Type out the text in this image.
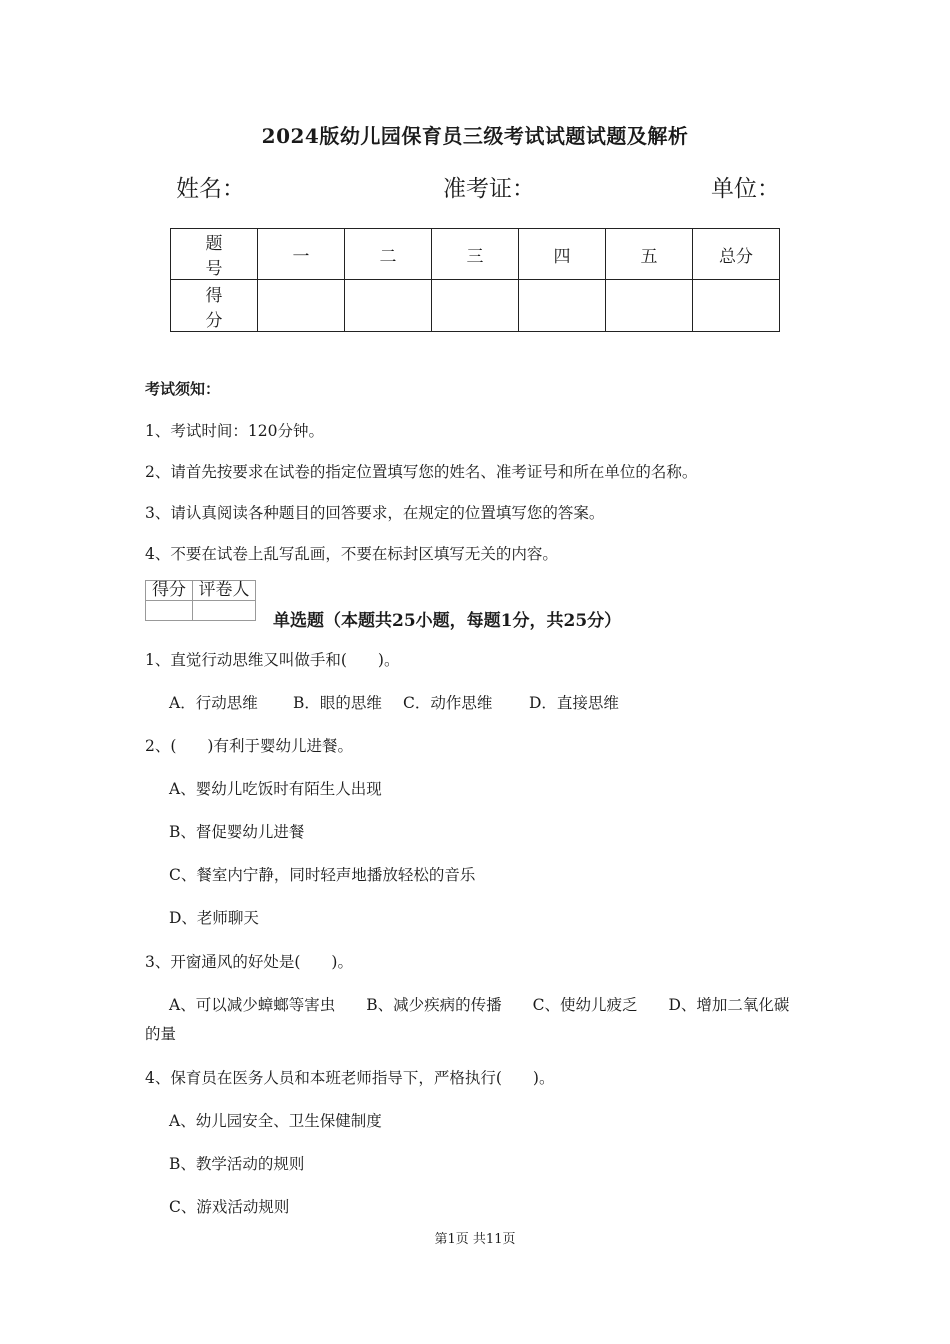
2024版幼儿园保育员三级考试试题试题及解析
姓名：	准考证：	单位：
题 号	一	二	三	四	五	总分
得 分						
考试须知：
1、考试时间：120分钟。
2、请首先按要求在试卷的指定位置填写您的姓名、准考证号和所在单位的名称。
3、请认真阅读各种题目的回答要求，在规定的位置填写您的答案。
4、不要在试卷上乱写乱画，不要在标封区填写无关的内容。
得分	评卷人

单选题（本题共25小题，每题1分，共25分）
1、直觉行动思维又叫做手和(　　)。
A．行动思维 B．眼的思维 C．动作思维 D．直接思维
2、(　　)有利于婴幼儿进餐。
A、婴幼儿吃饭时有陌生人出现
B、督促婴幼儿进餐
C、餐室内宁静，同时轻声地播放轻松的音乐
D、老师聊天
3、开窗通风的好处是(　　)。
A、可以减少蟑螂等害虫　　B、减少疾病的传播　　C、使幼儿疲乏　　D、增加二氧化碳
的量
4、保育员在医务人员和本班老师指导下，严格执行(　　)。
A、幼儿园安全、卫生保健制度
B、教学活动的规则
C、游戏活动规则
第1页 共11页
